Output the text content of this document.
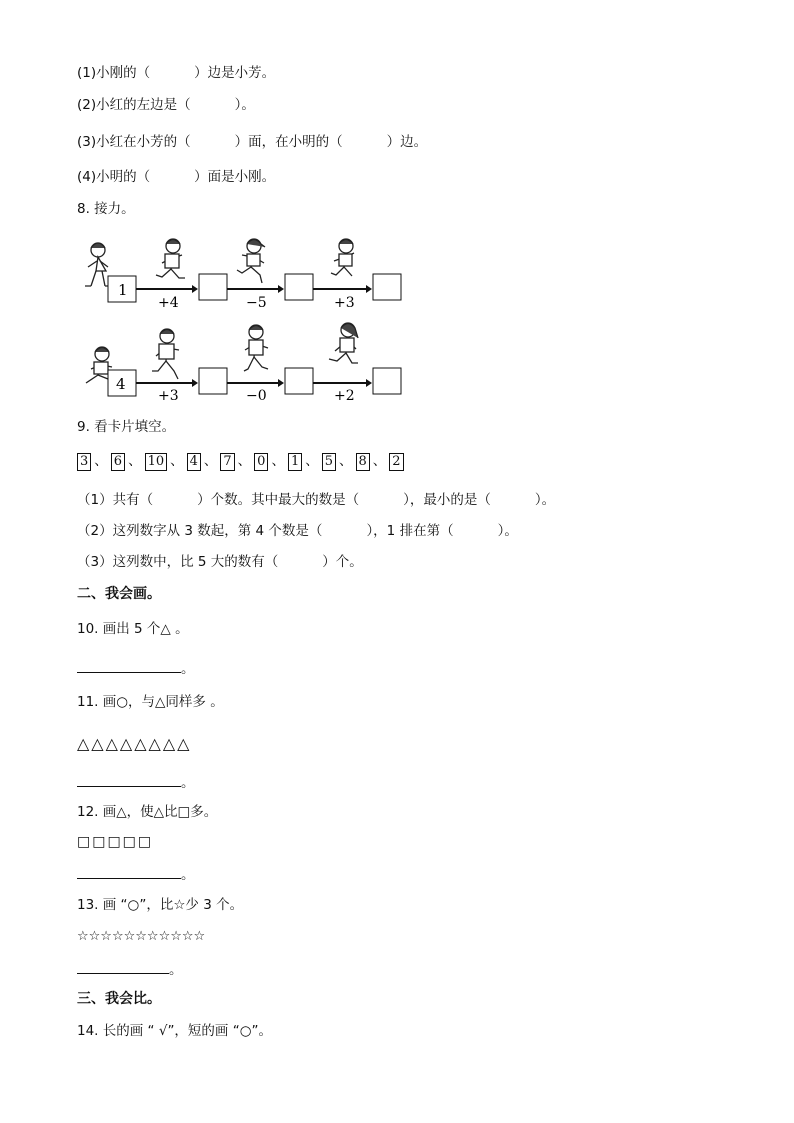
(1)小刚的（	）边是小芳。
(2)小红的左边是（	）。
(3)小红在小芳的（	）面，在小明的（	）边。
(4)小明的（	）面是小刚。
8. 接力。
1
+4	−5	+3
4
+3	−0	+2
9. 看卡片填空。
3 、 6 、 10 、 4 、 7 、 0 、 1 、 5 、 8 、 2
（1）共有（	）个数。其中最大的数是（	），最小的是（	）。
（2）这列数字从 3 数起，第 4 个数是（	），1 排在第（	）。
（3）这列数中，比 5 大的数有（	）个。
二、我会画。
10. 画出 5 个△ 。
。
11. 画○，与△同样多 。
△△△△△△△△
。
12. 画△，使△比□多。
□□□□□
。
13. 画 “○”，比☆少 3 个。
☆☆☆☆☆☆☆☆☆☆☆
。
三、我会比。
14. 长的画 “ √”，短的画 “○”。
